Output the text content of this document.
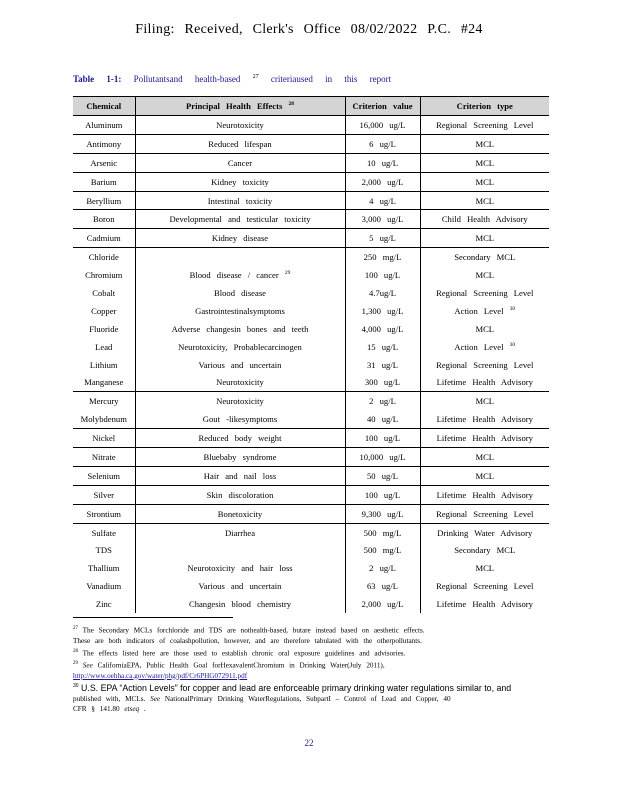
Filing: Received, Clerk's Office 08/02/2022 P.C. #24
Table 1-1: Pollutantsand health-based $^{27}$ criteriaused in this report
Chemical	Principal Health Effects $^{28}$	Criterion value	Criterion type
Aluminum	Neurotoxicity	16,000 ug/L	Regional Screening Level
Antimony	Reduced lifespan	6 ug/L	MCL
Arsenic	Cancer	10 ug/L	MCL
Barium	Kidney toxicity	2,000 ug/L	MCL
Beryllium	Intestinal toxicity	4 ug/L	MCL
Boron	Developmental and testicular toxicity	3,000 ug/L	Child Health Advisory
Cadmium	Kidney disease	5 ug/L	MCL
Chloride		250 mg/L	Secondary MCL
Chromium	Blood disease / cancer $^{29}$	100 ug/L	MCL
Cobalt	Blood disease	4.7ug/L	Regional Screening Level
Copper	Gastrointestinalsymptoms	1,300 ug/L	Action Level $^{30}$
Fluoride	Adverse changesin bones and teeth	4,000 ug/L	MCL
Lead	Neurotoxicity, Probablecarcinogen	15 ug/L	Action Level $^{30}$
Lithium	Various and uncertain	31 ug/L	Regional Screening Level
Manganese	Neurotoxicity	300 ug/L	Lifetime Health Advisory
Mercury	Neurotoxicity	2 ug/L	MCL
Molybdenum	Gout -likesymptoms	40 ug/L	Lifetime Health Advisory
Nickel	Reduced body weight	100 ug/L	Lifetime Health Advisory
Nitrate	Bluebaby syndrome	10,000 ug/L	MCL
Selenium	Hair and nail loss	50 ug/L	MCL
Silver	Skin discoloration	100 ug/L	Lifetime Health Advisory
Strontium	Bonetoxicity	9,300 ug/L	Regional Screening Level
Sulfate	Diarrhea	500 mg/L	Drinking Water Advisory
TDS		500 mg/L	Secondary MCL
Thallium	Neurotoxicity and hair loss	2 ug/L	MCL
Vanadium	Various and uncertain	63 ug/L	Regional Screening Level
Zinc	Changesin blood chemistry	2,000 ug/L	Lifetime Health Advisory

$^{27}$ The Secondary MCLs forchloride and TDS are nothealth-based, butare instead based on aesthetic effects.

These are both indicators of coalashpollution, however, and are therefore tabulated with the otherpollutants.

$^{28}$ The effects listed here are those used to establish chronic oral exposure guidelines and advisories.

$^{29}$ See CaliforniaEPA, Public Health Goal forHexavalentChromium in Drinking Water(July 2011),

http://www.oehha.ca.gov/water/phg/pdf/Cr6PHG072911.pdf

$^{30}$ U.S. EPA “Action Levels” for copper and lead are enforceable primary drinking water regulations similar to, and

published with, MCLs. See NationalPrimary Drinking WaterRegulations, SubpartI – Control of Lead and Copper, 40

CFR § 141.80 etseq .

22
